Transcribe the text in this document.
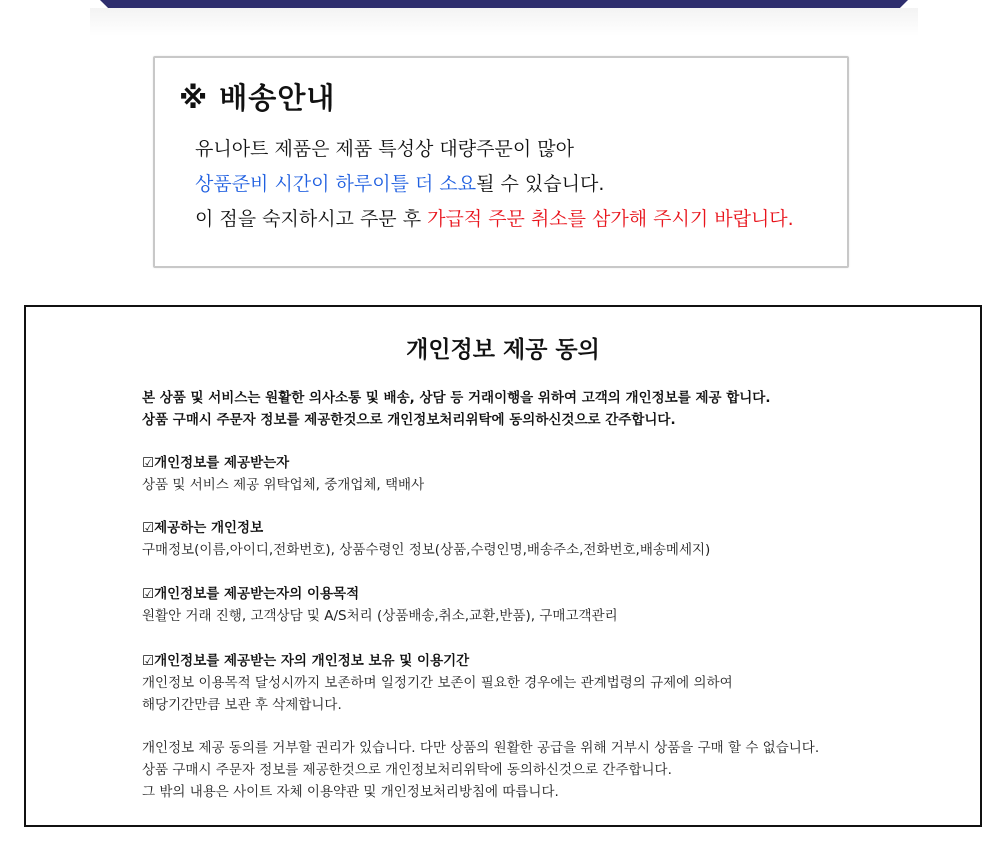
※ 배송안내
유니아트 제품은 제품 특성상 대량주문이 많아
상품준비 시간이 하루이틀 더 소요될 수 있습니다.
이 점을 숙지하시고 주문 후 가급적 주문 취소를 삼가해 주시기 바랍니다.
개인정보 제공 동의
본 상품 및 서비스는 원활한 의사소통 및 배송, 상담 등 거래이행을 위하여 고객의 개인정보를 제공 합니다.
상품 구매시 주문자 정보를 제공한것으로 개인정보처리위탁에 동의하신것으로 간주합니다.
☑개인정보를 제공받는자
상품 및 서비스 제공 위탁업체, 중개업체, 택배사
☑제공하는 개인정보
구매정보(이름,아이디,전화번호), 상품수령인 정보(상품,수령인명,배송주소,전화번호,배송메세지)
☑개인정보를 제공받는자의 이용목적
원활안 거래 진행, 고객상담 및 A/S처리 (상품배송,취소,교환,반품), 구매고객관리
☑개인정보를 제공받는 자의 개인정보 보유 및 이용기간
개인정보 이용목적 달성시까지 보존하며 일정기간 보존이 필요한 경우에는 관계법령의 규제에 의하여
해당기간만큼 보관 후 삭제합니다.
개인정보 제공 동의를 거부할 권리가 있습니다. 다만 상품의 원활한 공급을 위해 거부시 상품을 구매 할 수 없습니다.
상품 구매시 주문자 정보를 제공한것으로 개인정보처리위탁에 동의하신것으로 간주합니다.
그 밖의 내용은 사이트 자체 이용약관 및 개인정보처리방침에 따릅니다.
